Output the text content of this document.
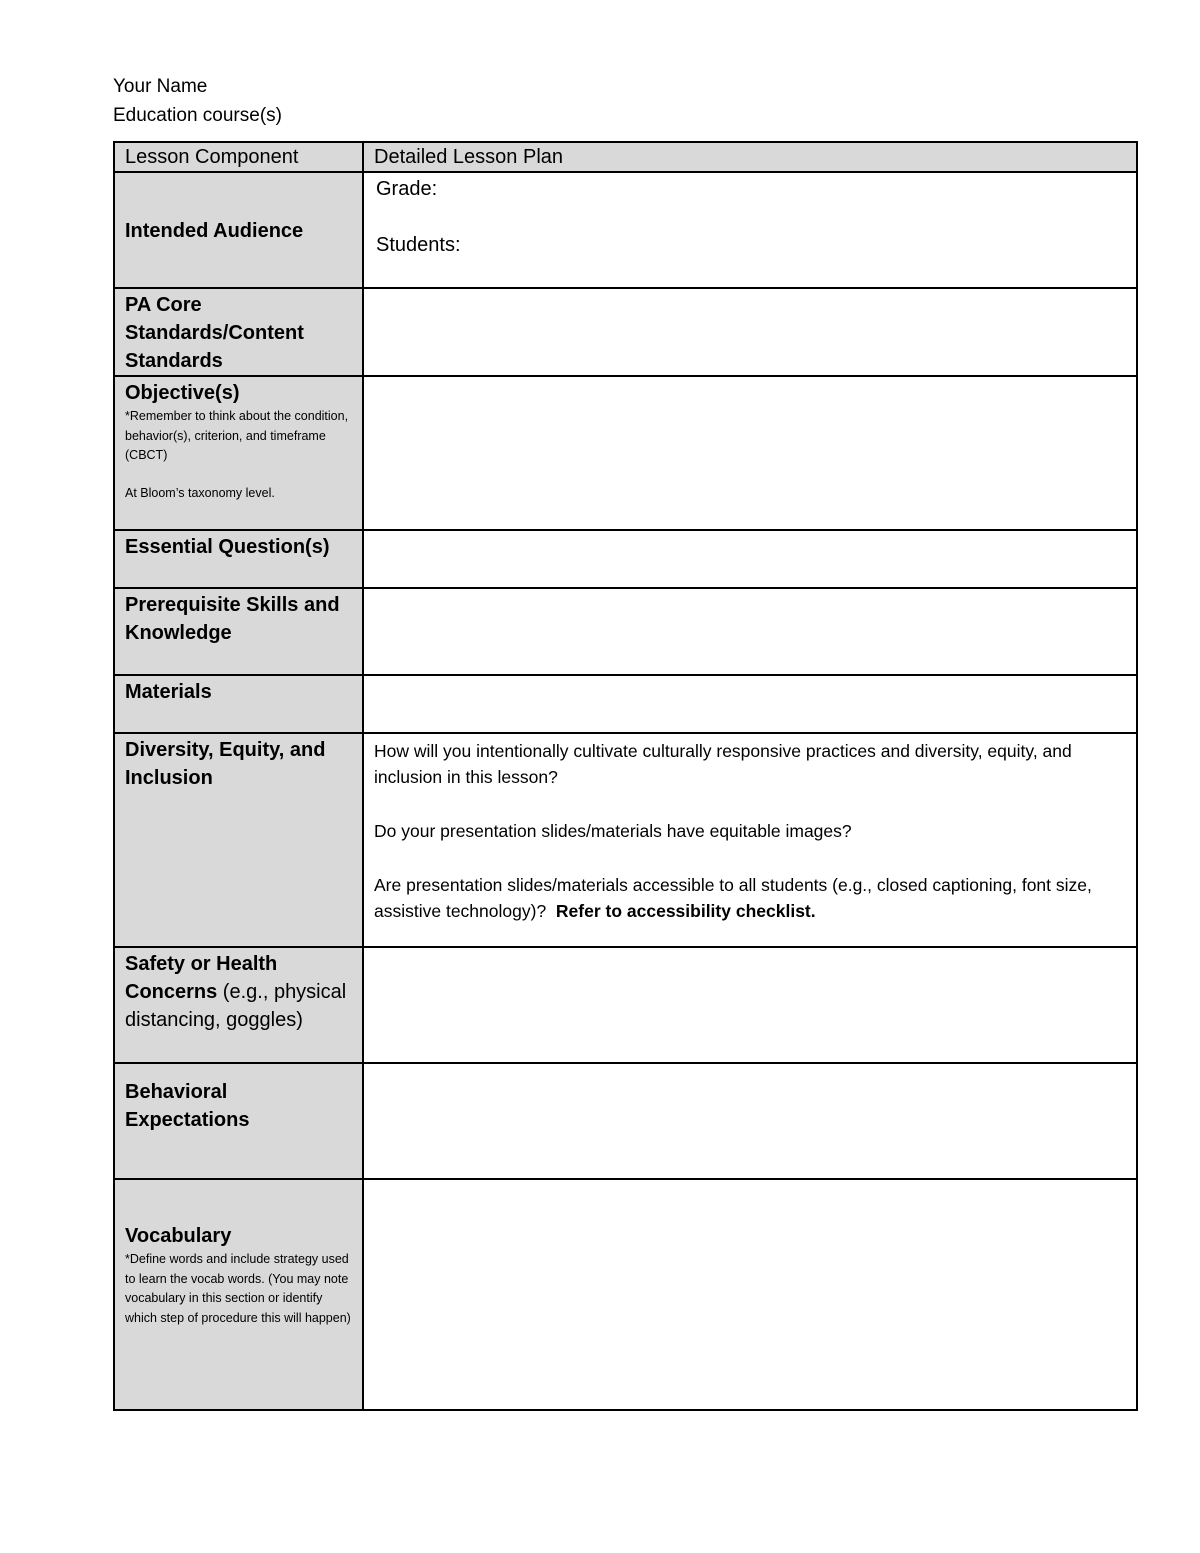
Your Name
Education course(s)
Lesson Component	Detailed Lesson Plan

Intended Audience	Grade:
Students:

PA Core Standards/Content Standards	

Objective(s)
*Remember to think about the condition, behavior(s), criterion, and timeframe (CBCT)
At Bloom’s taxonomy level.	

Essential Question(s)	

Prerequisite Skills and Knowledge	

Materials	

Diversity, Equity, and Inclusion	How will you intentionally cultivate culturally responsive practices and diversity, equity, and inclusion in this lesson?
Do your presentation slides/materials have equitable images?
Are presentation slides/materials accessible to all students (e.g., closed captioning, font size, assistive technology)? Refer to accessibility checklist.

Safety or Health Concerns (e.g., physical distancing, goggles)	

Behavioral Expectations	

Vocabulary
*Define words and include strategy used to learn the vocab words. (You may note vocabulary in this section or identify which step of procedure this will happen)	
